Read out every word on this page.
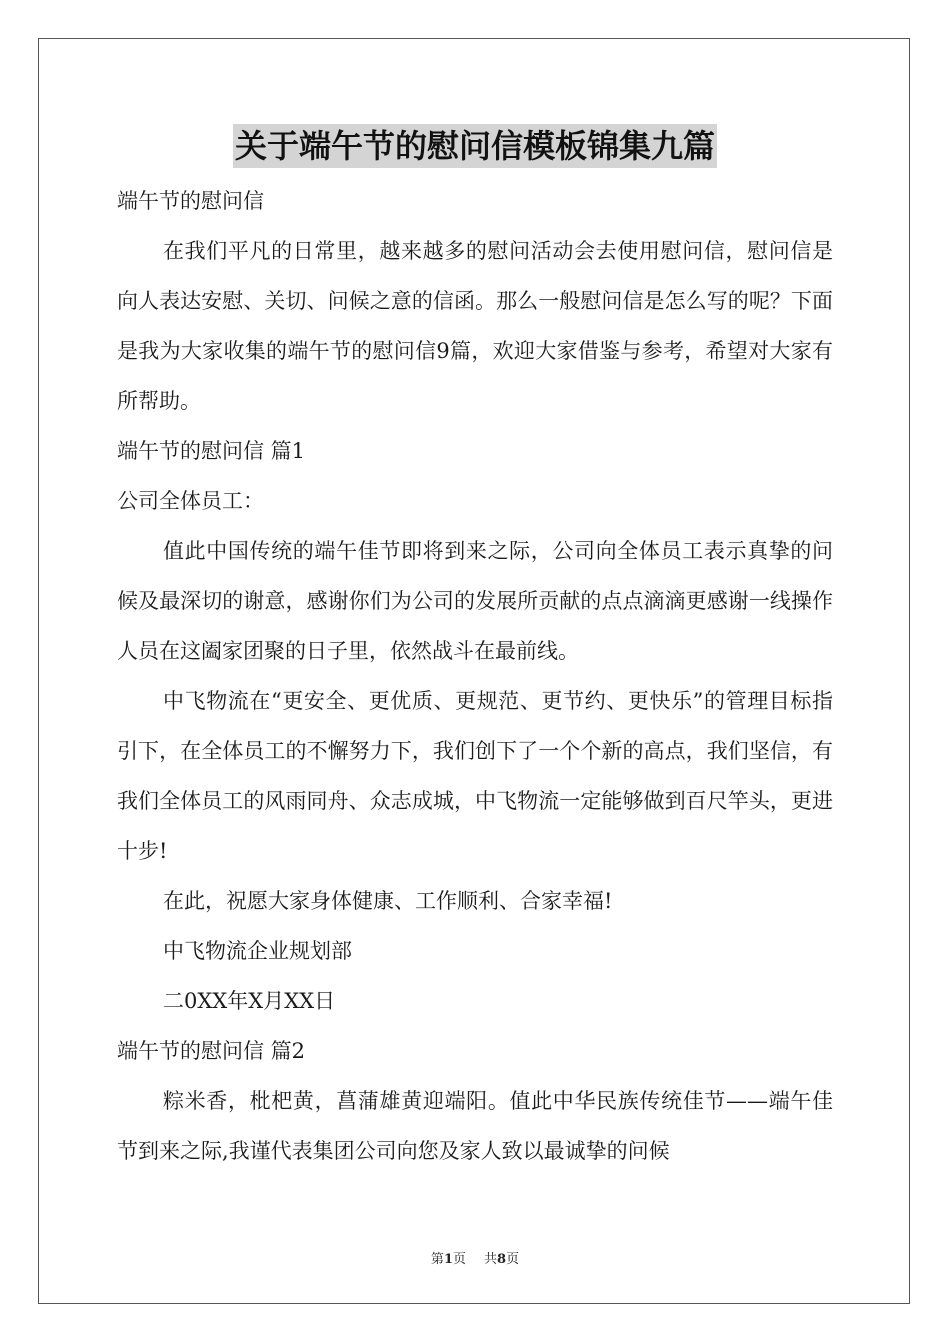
关于端午节的慰问信模板锦集九篇

端午节的慰问信

在我们平凡的日常里，越来越多的慰问活动会去使用慰问信，慰问信是向人表达安慰、关切、问候之意的信函。那么一般慰问信是怎么写的呢？下面是我为大家收集的端午节的慰问信9篇，欢迎大家借鉴与参考，希望对大家有所帮助。

端午节的慰问信 篇1

公司全体员工：

值此中国传统的端午佳节即将到来之际，公司向全体员工表示真挚的问候及最深切的谢意，感谢你们为公司的发展所贡献的点点滴滴更感谢一线操作人员在这阖家团聚的日子里，依然战斗在最前线。

中飞物流在“更安全、更优质、更规范、更节约、更快乐”的管理目标指引下，在全体员工的不懈努力下，我们创下了一个个新的高点，我们坚信，有我们全体员工的风雨同舟、众志成城，中飞物流一定能够做到百尺竿头，更进十步!

在此，祝愿大家身体健康、工作顺利、合家幸福!

中飞物流企业规划部

二0XX年X月XX日

端午节的慰问信 篇2

粽米香，枇杷黄，菖蒲雄黄迎端阳。值此中华民族传统佳节——端午佳节到来之际,我谨代表集团公司向您及家人致以最诚挚的问候

第1页 共8页
